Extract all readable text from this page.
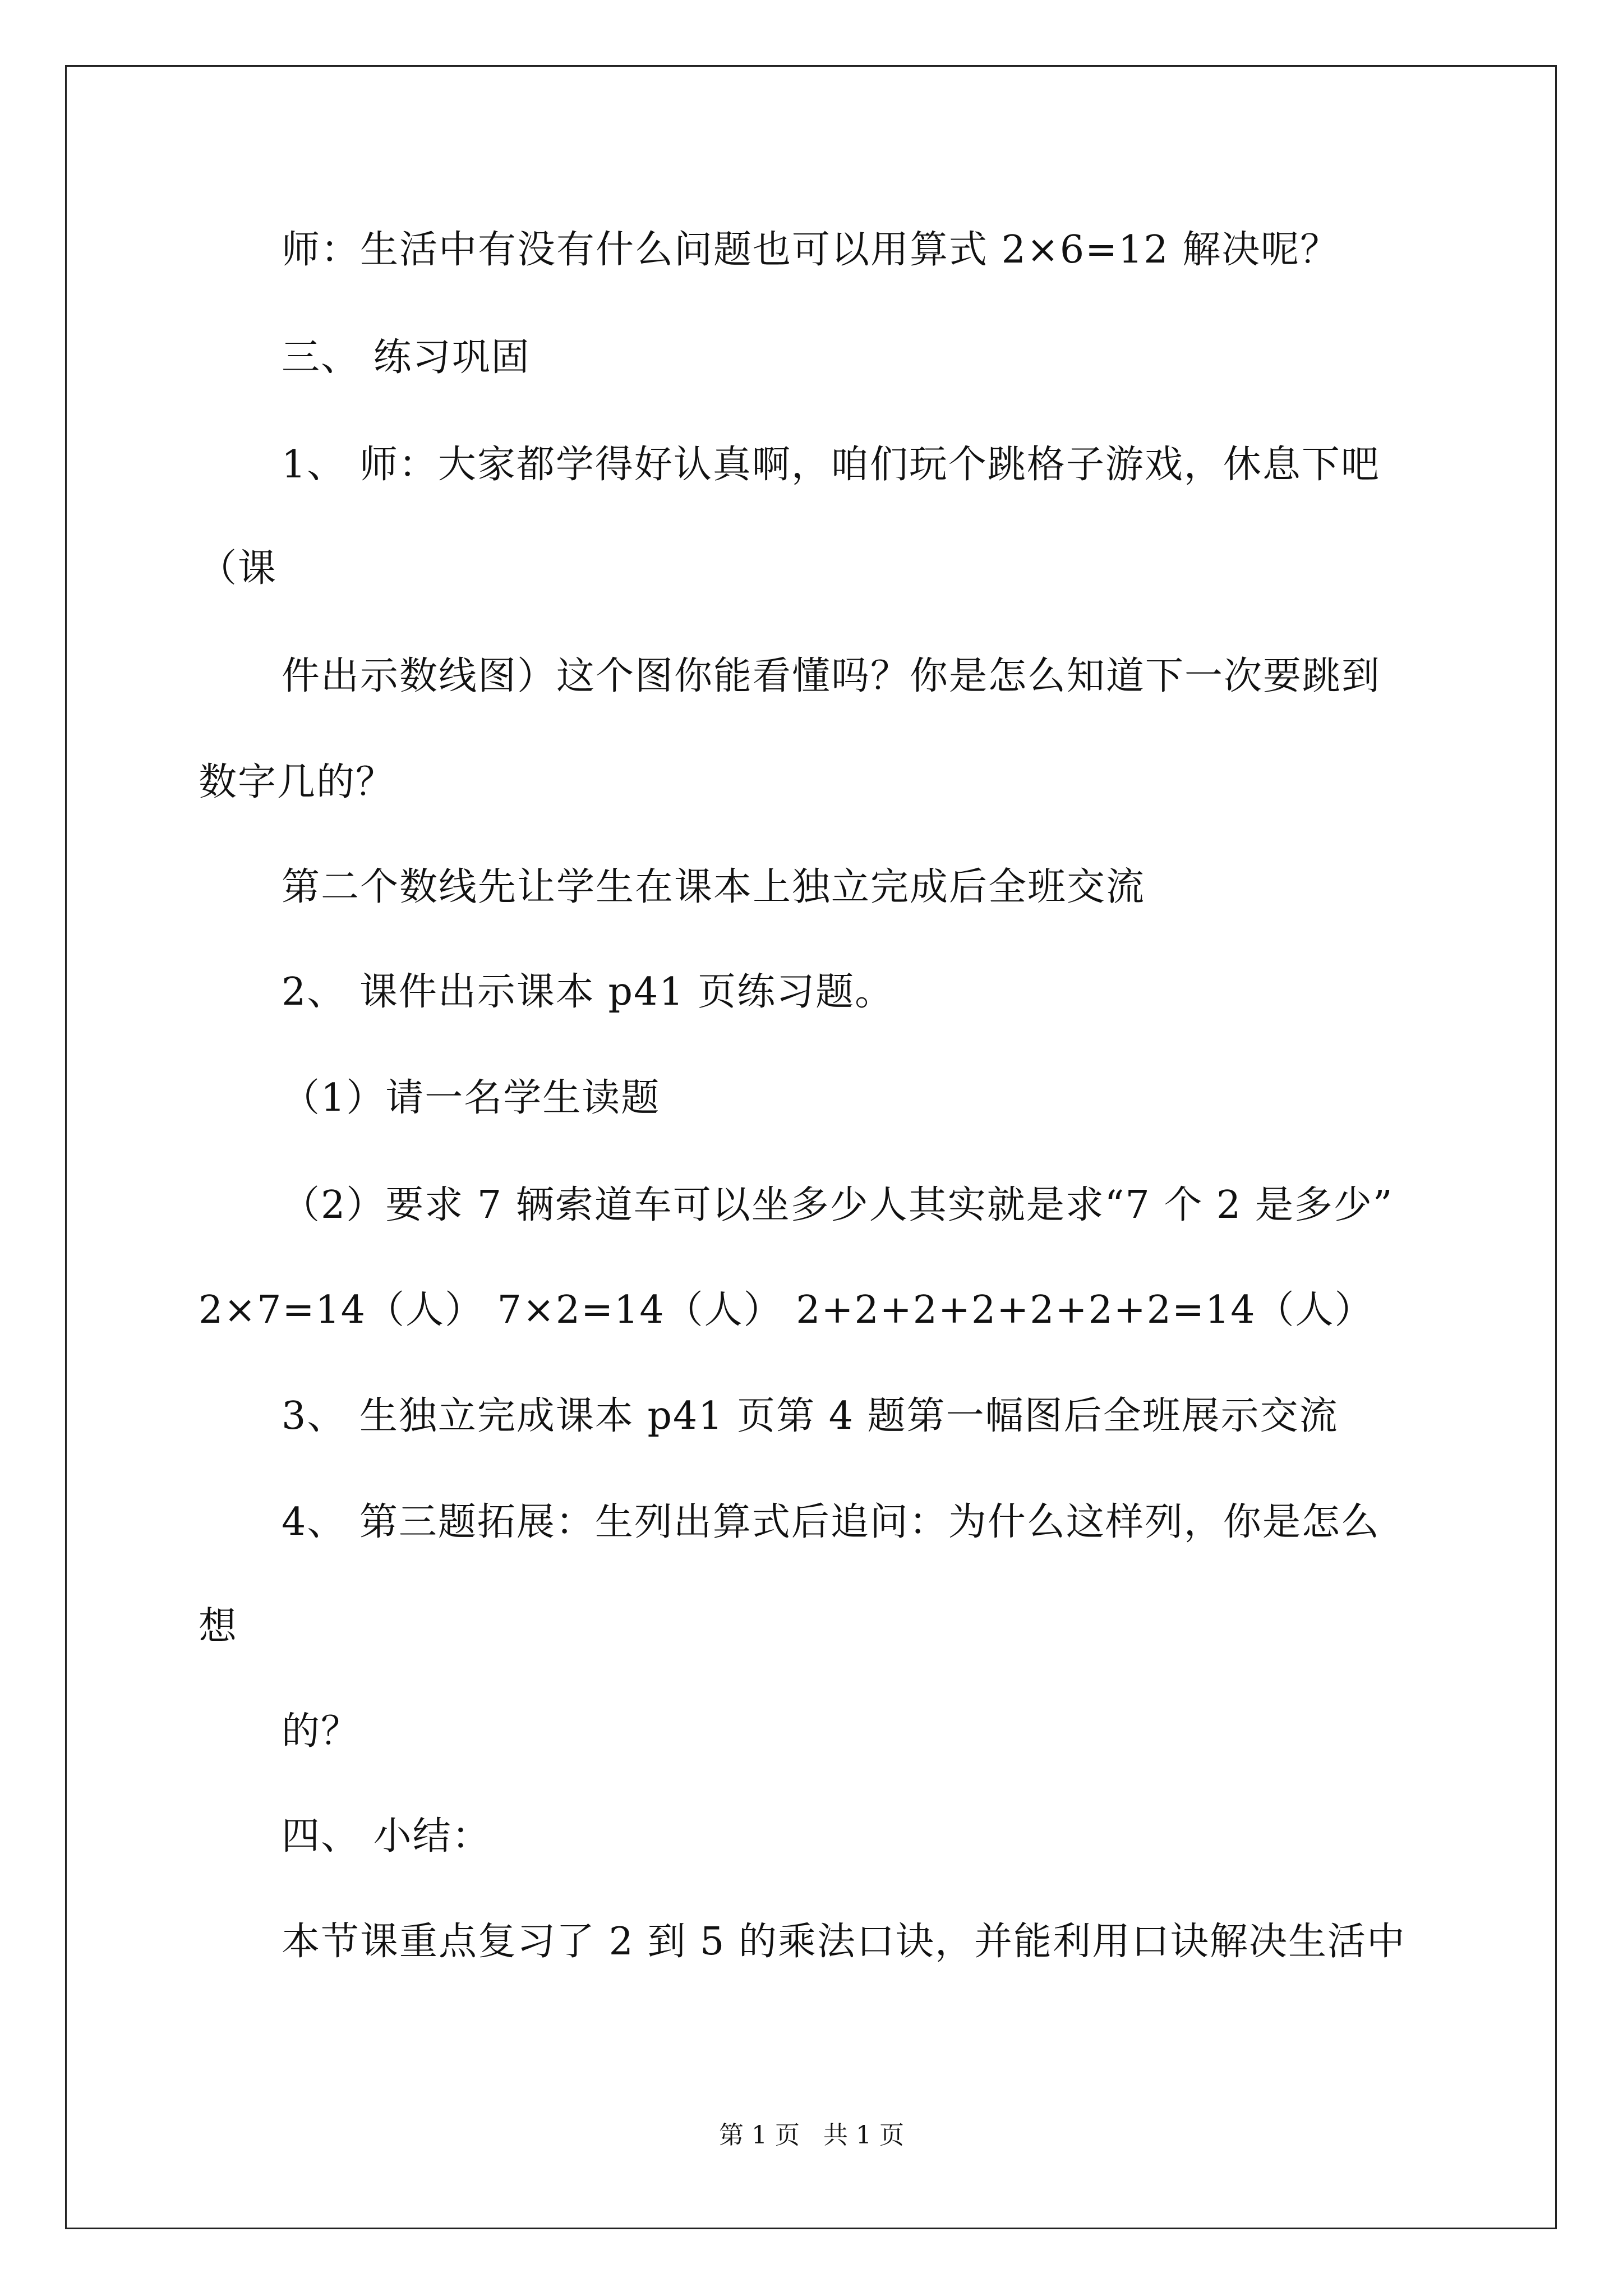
师：生活中有没有什么问题也可以用算式 2×6=12 解决呢？
三、 练习巩固
1、 师：大家都学得好认真啊，咱们玩个跳格子游戏，休息下吧
（课
件出示数线图）这个图你能看懂吗？你是怎么知道下一次要跳到
数字几的？
第二个数线先让学生在课本上独立完成后全班交流
2、 课件出示课本 p41 页练习题。
（1）请一名学生读题
（2）要求 7 辆索道车可以坐多少人其实就是求“7 个 2 是多少”
2×7=14（人） 7×2=14（人） 2+2+2+2+2+2+2=14（人）
3、 生独立完成课本 p41 页第 4 题第一幅图后全班展示交流
4、 第三题拓展：生列出算式后追问：为什么这样列，你是怎么
想
的？
四、 小结：
本节课重点复习了 2 到 5 的乘法口诀，并能利用口诀解决生活中
第 1 页   共 1 页
